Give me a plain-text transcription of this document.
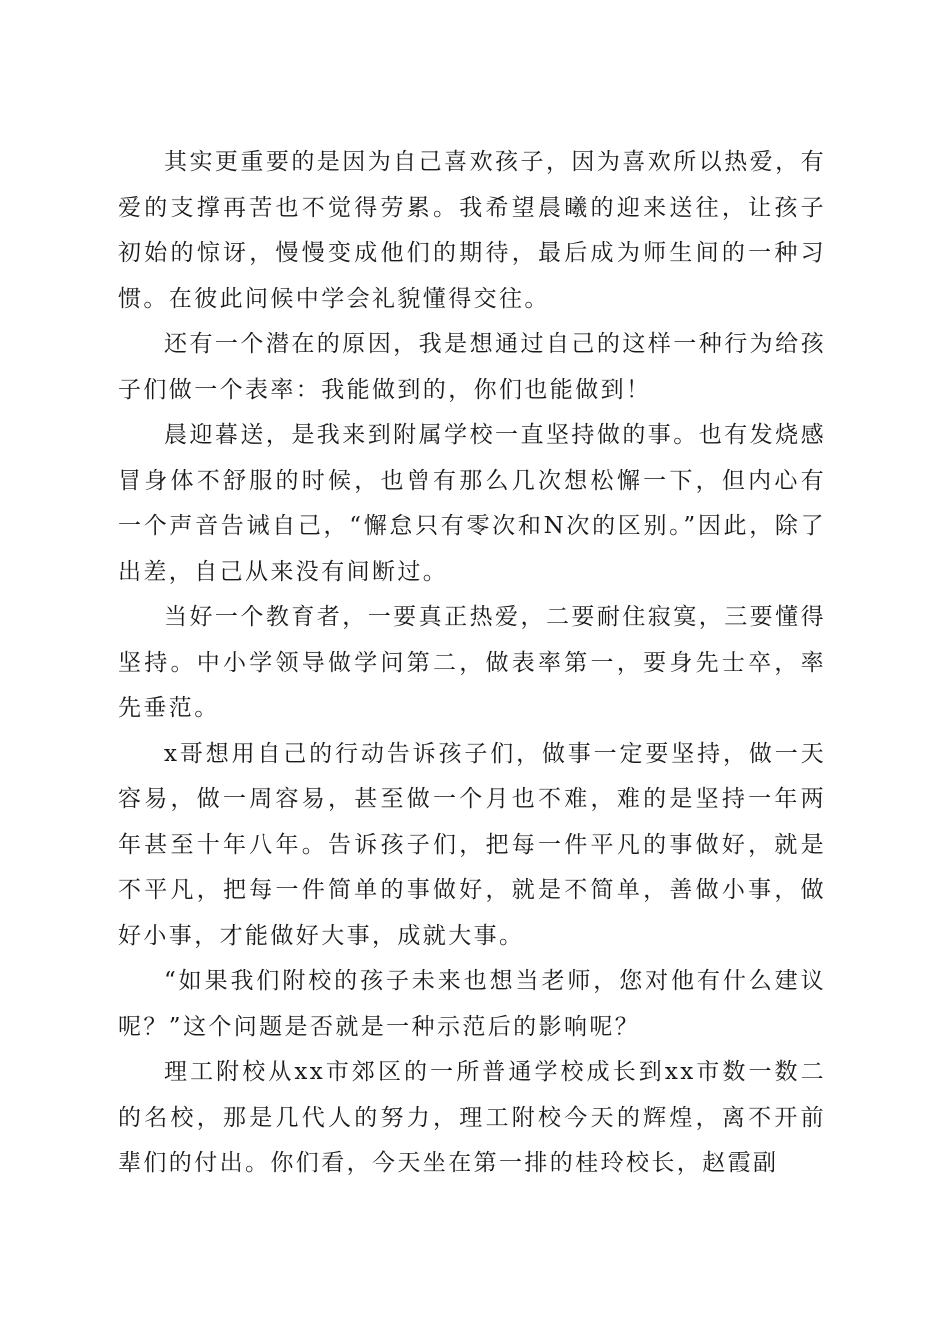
其实更重要的是因为自己喜欢孩子，因为喜欢所以热爱，有爱的支撑再苦也不觉得劳累。我希望晨曦的迎来送往，让孩子初始的惊讶，慢慢变成他们的期待，最后成为师生间的一种习惯。在彼此问候中学会礼貌懂得交往。

还有一个潜在的原因，我是想通过自己的这样一种行为给孩子们做一个表率：我能做到的，你们也能做到！

晨迎暮送，是我来到附属学校一直坚持做的事。也有发烧感冒身体不舒服的时候，也曾有那么几次想松懈一下，但内心有一个声音告诫自己，“懈怠只有零次和N次的区别。”因此，除了出差，自己从来没有间断过。

当好一个教育者，一要真正热爱，二要耐住寂寞，三要懂得坚持。中小学领导做学问第二，做表率第一，要身先士卒，率先垂范。

x哥想用自己的行动告诉孩子们，做事一定要坚持，做一天容易，做一周容易，甚至做一个月也不难，难的是坚持一年两年甚至十年八年。告诉孩子们，把每一件平凡的事做好，就是不平凡，把每一件简单的事做好，就是不简单，善做小事，做好小事，才能做好大事，成就大事。

“如果我们附校的孩子未来也想当老师，您对他有什么建议呢？”这个问题是否就是一种示范后的影响呢？

理工附校从xx市郊区的一所普通学校成长到xx市数一数二的名校，那是几代人的努力，理工附校今天的辉煌，离不开前辈们的付出。你们看，今天坐在第一排的桂玲校长，赵霞副
